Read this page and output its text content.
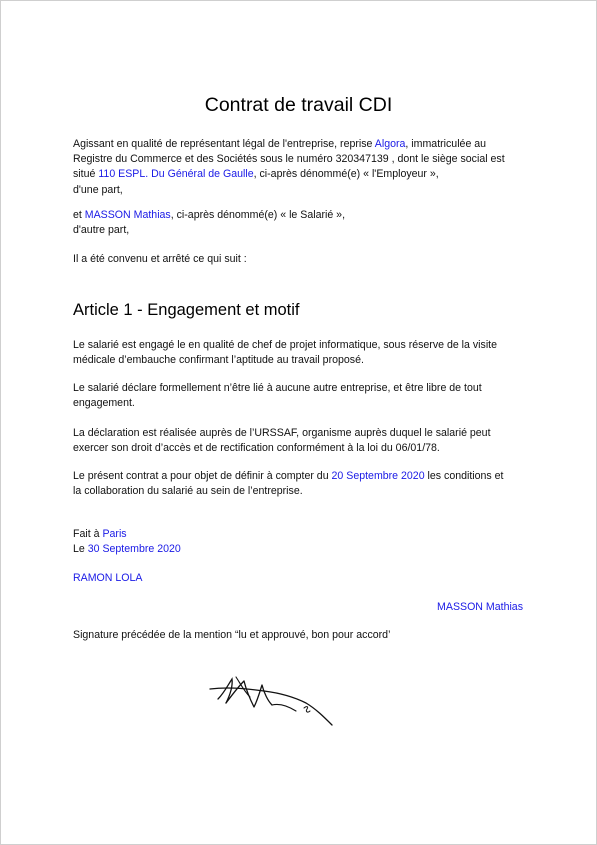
Contrat de travail CDI
Agissant en qualité de représentant légal de l'entreprise, reprise Algora, immatriculée au
Registre du Commerce et des Sociétés sous le numéro 320347139 , dont le siège social est
situé 110 ESPL. Du Général de Gaulle, ci-après dénommé(e) « l'Employeur »,
d'une part,
et MASSON Mathias, ci-après dénommé(e) « le Salarié »,
d'autre part,
Il a été convenu et arrêté ce qui suit :
Article 1 - Engagement et motif
Le salarié est engagé le en qualité de chef de projet informatique, sous réserve de la visite
médicale d’embauche confirmant l’aptitude au travail proposé.
Le salarié déclare formellement n’être lié à aucune autre entreprise, et être libre de tout
engagement.
La déclaration est réalisée auprès de l’URSSAF, organisme auprès duquel le salarié peut
exercer son droit d’accès et de rectification conformément à la loi du 06/01/78.
Le présent contrat a pour objet de définir à compter du 20 Septembre 2020 les conditions et
la collaboration du salarié au sein de l’entreprise.
Fait à Paris
Le 30 Septembre 2020
RAMON LOLA
MASSON Mathias
Signature précédée de la mention “lu et approuvé, bon pour accord’
